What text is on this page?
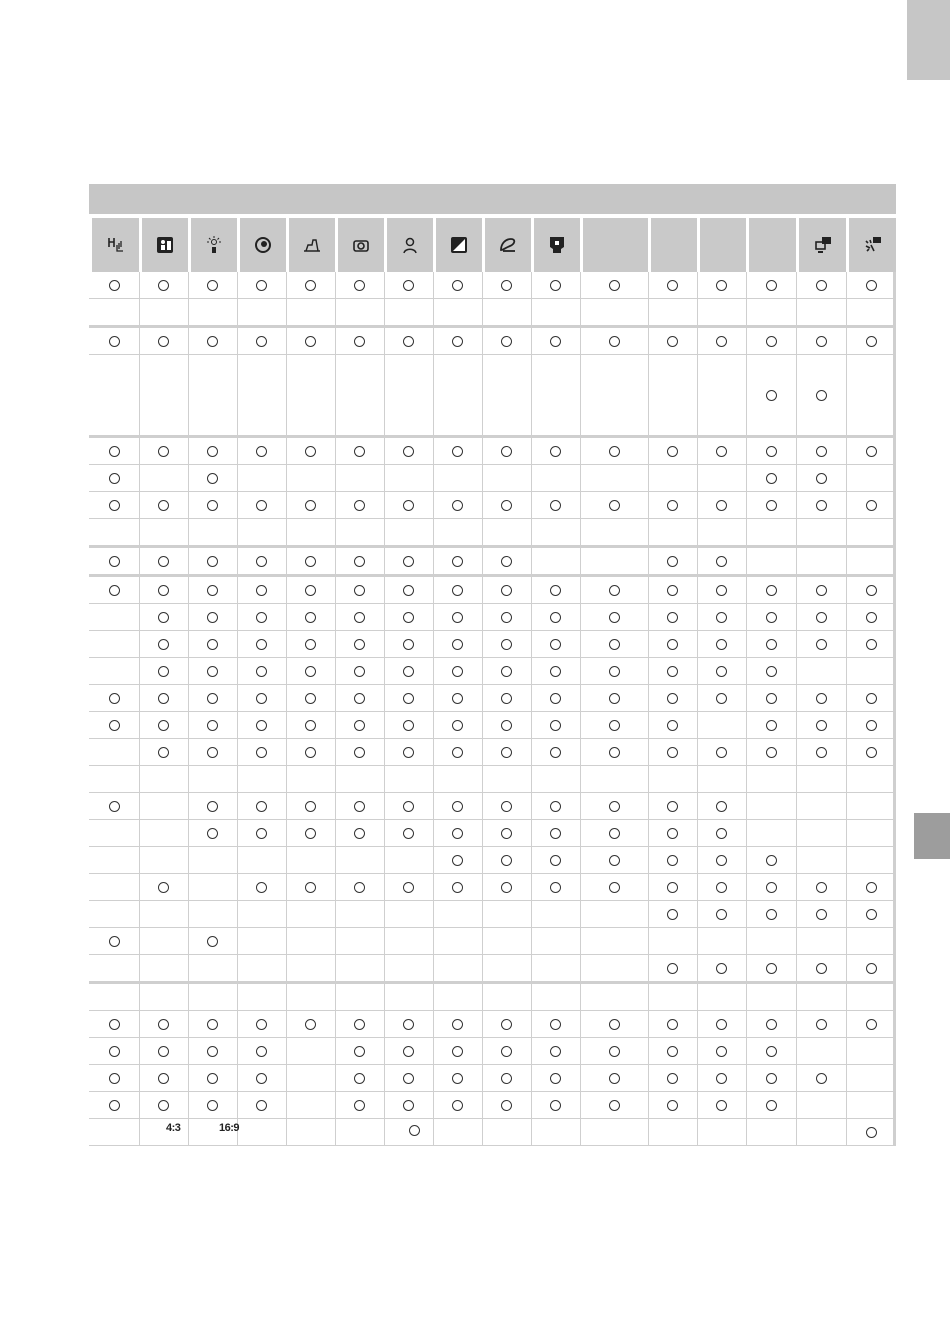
4:3	16:9
